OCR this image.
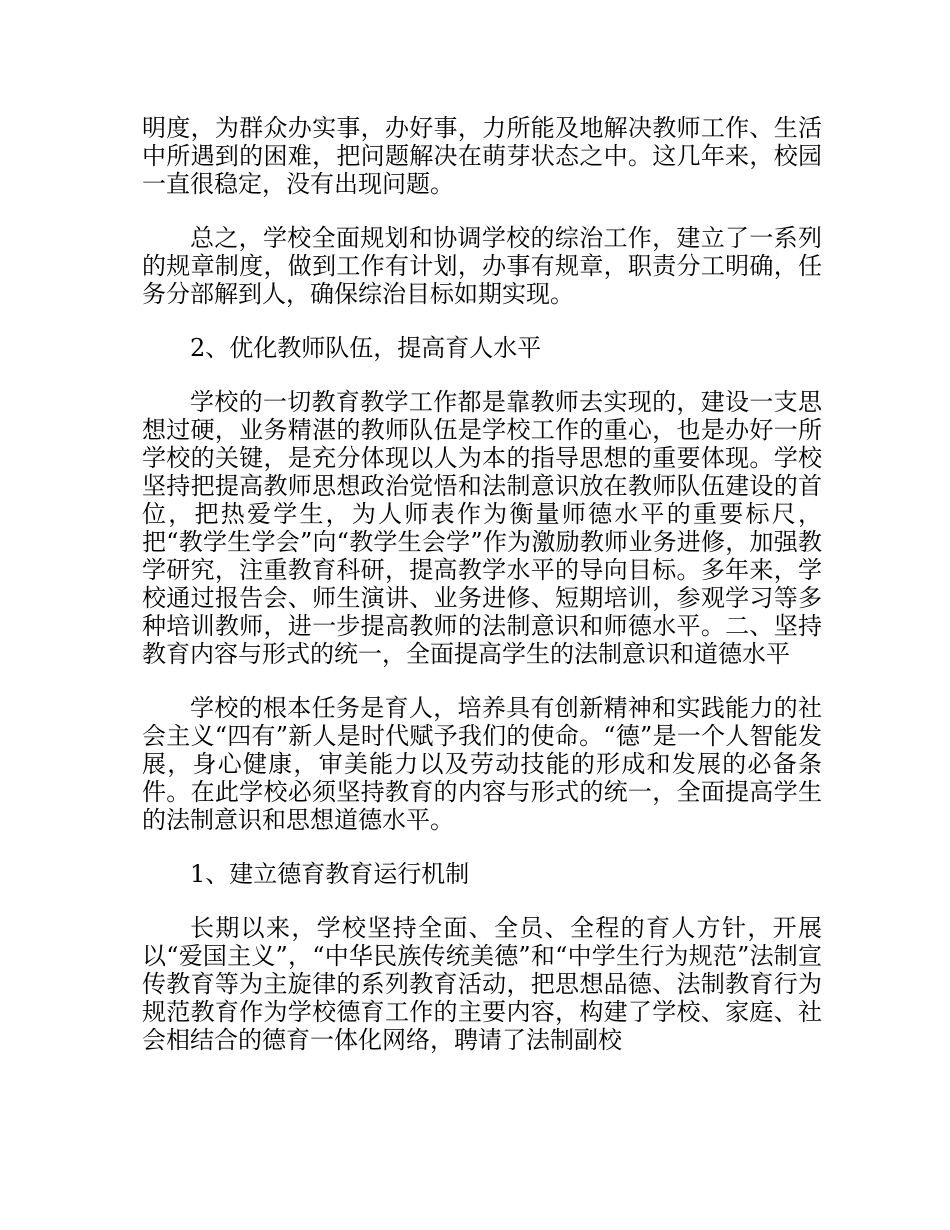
明度，为群众办实事，办好事，力所能及地解决教师工作、生活中所遇到的困难，把问题解决在萌芽状态之中。这几年来，校园一直很稳定，没有出现问题。

总之，学校全面规划和协调学校的综治工作，建立了一系列的规章制度，做到工作有计划，办事有规章，职责分工明确，任务分部解到人，确保综治目标如期实现。

2、优化教师队伍，提高育人水平

学校的一切教育教学工作都是靠教师去实现的，建设一支思想过硬，业务精湛的教师队伍是学校工作的重心，也是办好一所学校的关键，是充分体现以人为本的指导思想的重要体现。学校坚持把提高教师思想政治觉悟和法制意识放在教师队伍建设的首位，把热爱学生，为人师表作为衡量师德水平的重要标尺，把“教学生学会”向“教学生会学”作为激励教师业务进修，加强教学研究，注重教育科研，提高教学水平的导向目标。多年来，学校通过报告会、师生演讲、业务进修、短期培训，参观学习等多种培训教师，进一步提高教师的法制意识和师德水平。二、坚持教育内容与形式的统一，全面提高学生的法制意识和道德水平

学校的根本任务是育人，培养具有创新精神和实践能力的社会主义“四有”新人是时代赋予我们的使命。“德”是一个人智能发展，身心健康，审美能力以及劳动技能的形成和发展的必备条件。在此学校必须坚持教育的内容与形式的统一，全面提高学生的法制意识和思想道德水平。

1、建立德育教育运行机制

长期以来，学校坚持全面、全员、全程的育人方针，开展以“爱国主义”，“中华民族传统美德”和“中学生行为规范”法制宣传教育等为主旋律的系列教育活动，把思想品德、法制教育行为规范教育作为学校德育工作的主要内容，构建了学校、家庭、社会相结合的德育一体化网络，聘请了法制副校
